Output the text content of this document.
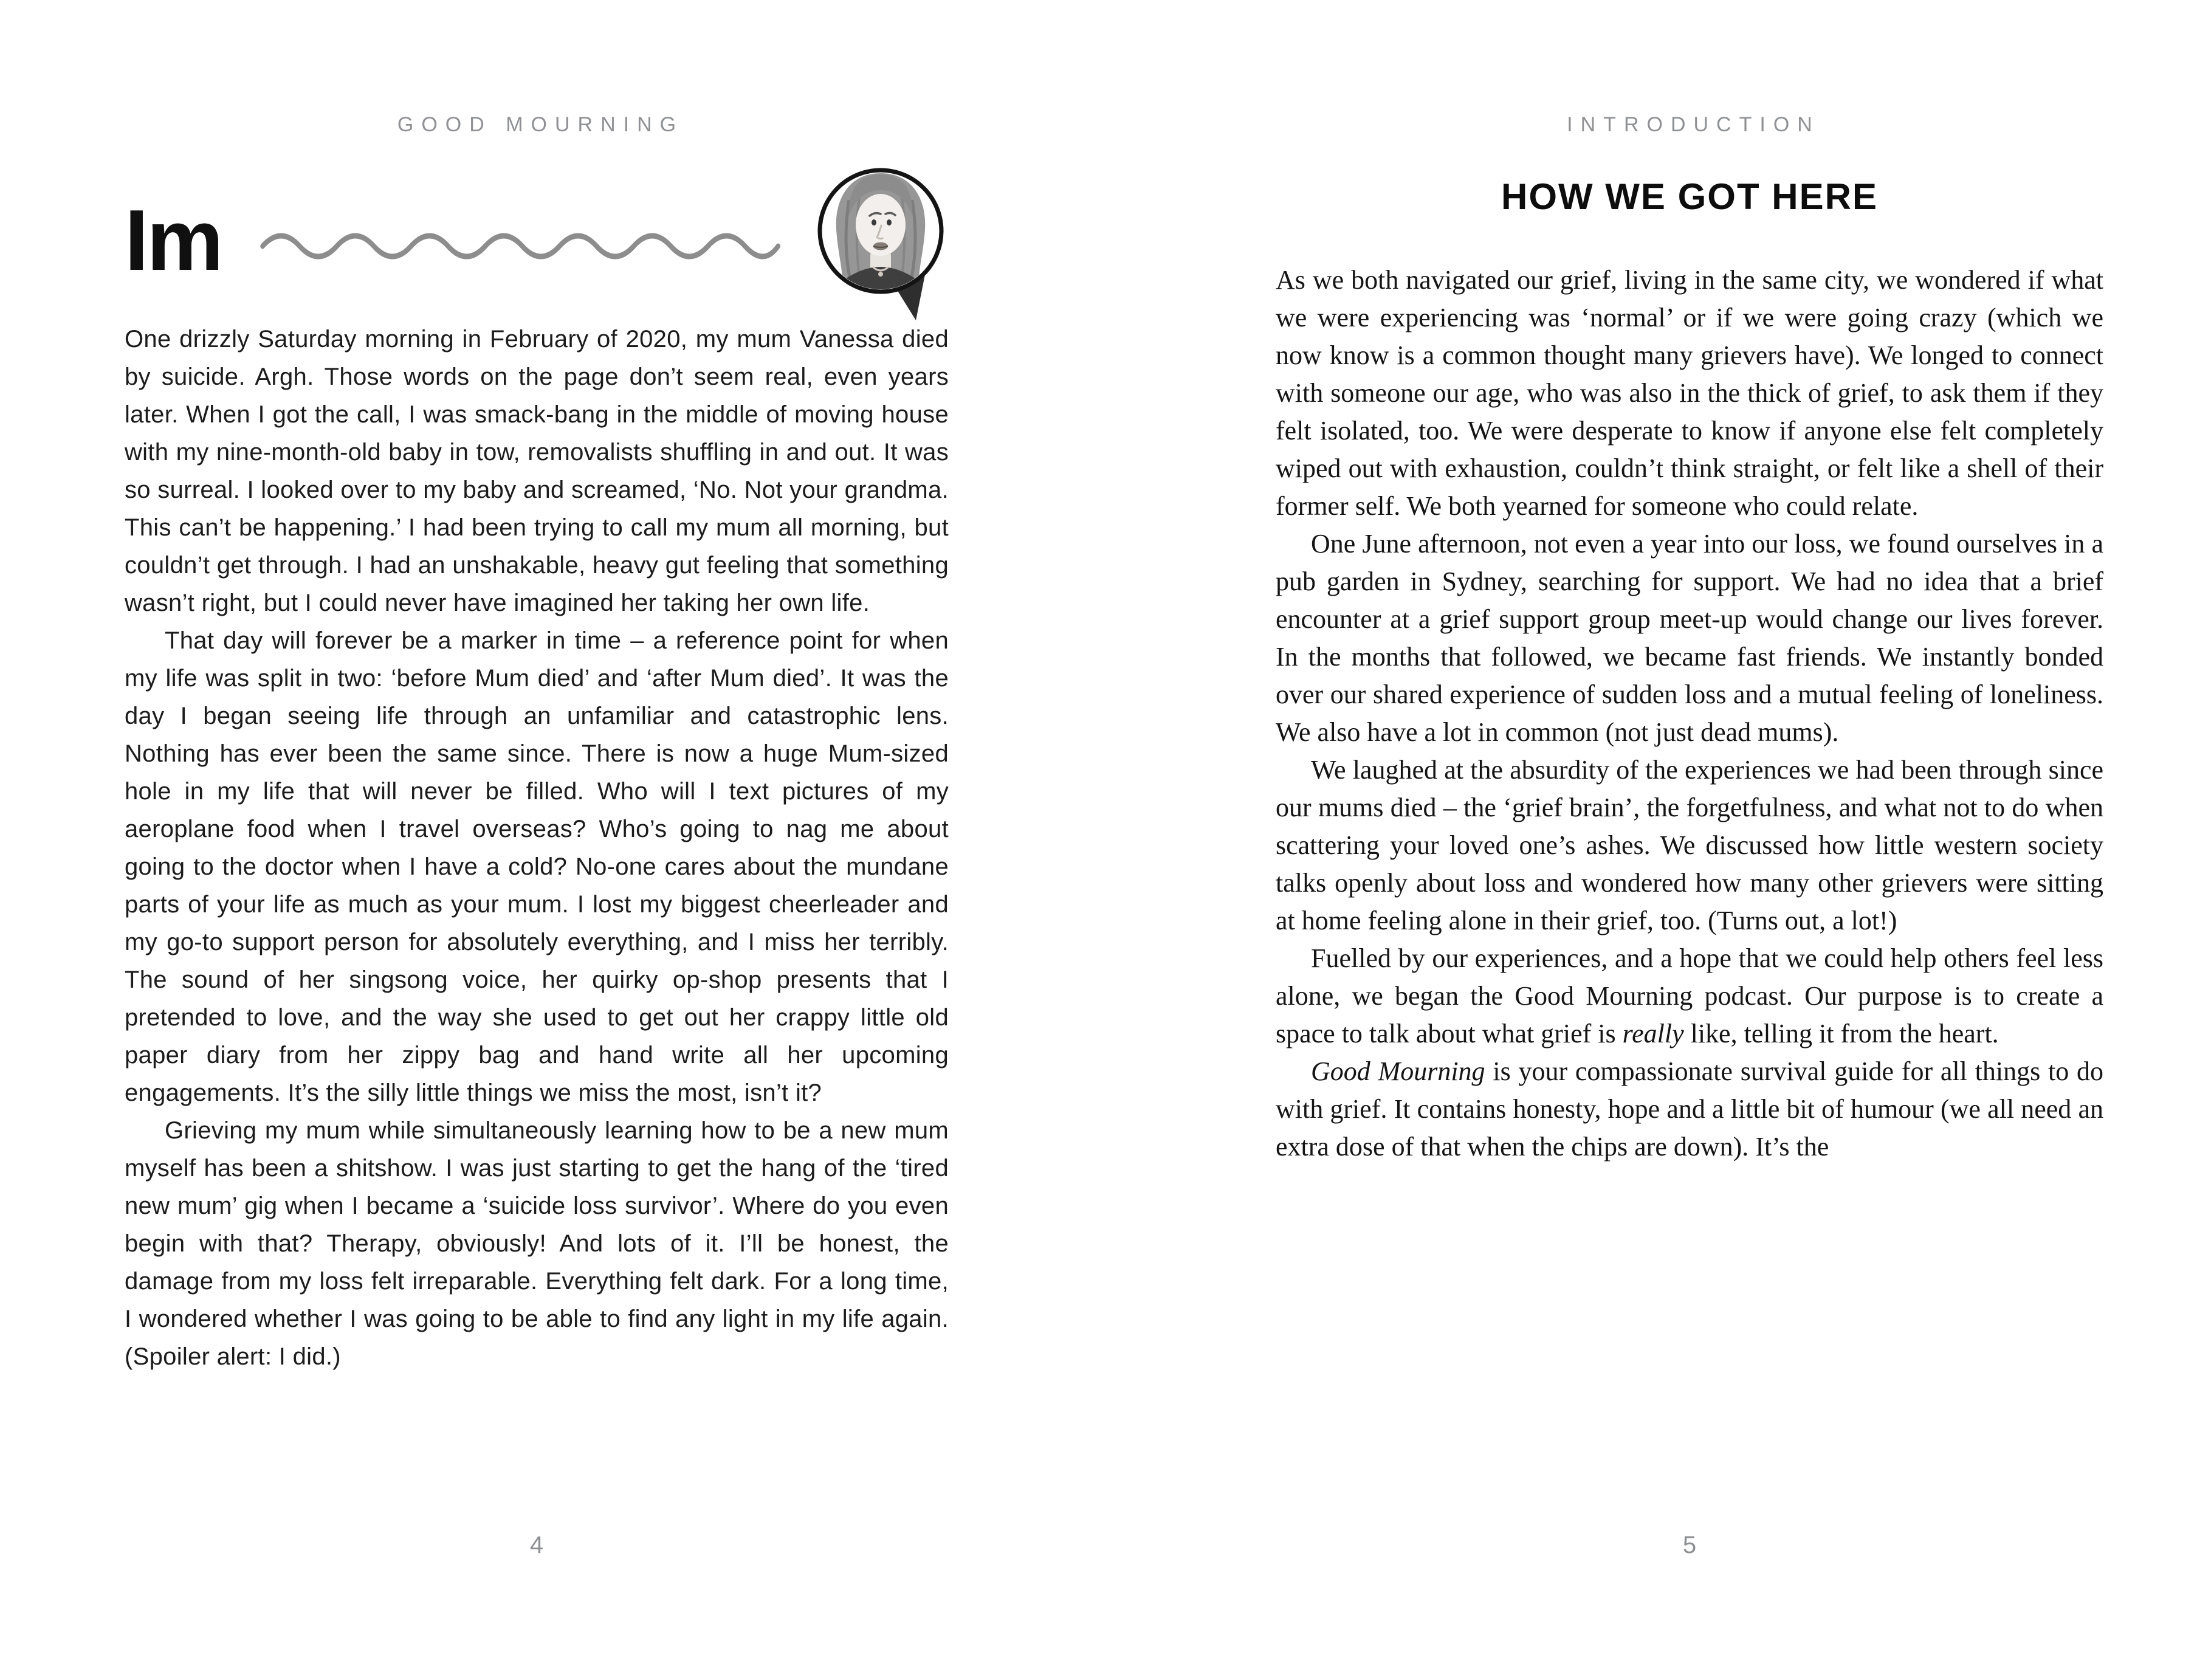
GOOD MOURNING
Im

One drizzly Saturday morning in February of 2020, my mum Vanessa died by suicide. Argh. Those words on the page don’t seem real, even years later. When I got the call, I was smack-bang in the middle of moving house with my nine-month-old baby in tow, removalists shuffling in and out. It was so surreal. I looked over to my baby and screamed, ‘No. Not your grandma. This can’t be happening.’ I had been trying to call my mum all morning, but couldn’t get through. I had an unshakable, heavy gut feeling that something wasn’t right, but I could never have imagined her taking her own life.

That day will forever be a marker in time – a reference point for when my life was split in two: ‘before Mum died’ and ‘after Mum died’. It was the day I began seeing life through an unfamiliar and catastrophic lens. Nothing has ever been the same since. There is now a huge Mum-sized hole in my life that will never be filled. Who will I text pictures of my aeroplane food when I travel overseas? Who’s going to nag me about going to the doctor when I have a cold? No-one cares about the mundane parts of your life as much as your mum. I lost my biggest cheerleader and my go-to support person for absolutely everything, and I miss her terribly. The sound of her singsong voice, her quirky op-shop presents that I pretended to love, and the way she used to get out her crappy little old paper diary from her zippy bag and hand write all her upcoming engagements. It’s the silly little things we miss the most, isn’t it?

Grieving my mum while simultaneously learning how to be a new mum myself has been a shitshow. I was just starting to get the hang of the ‘tired new mum’ gig when I became a ‘suicide loss survivor’. Where do you even begin with that? Therapy, obviously! And lots of it. I’ll be honest, the damage from my loss felt irreparable. Everything felt dark. For a long time, I wondered whether I was going to be able to find any light in my life again. (Spoiler alert: I did.)

4
INTRODUCTION
HOW WE GOT HERE

As we both navigated our grief, living in the same city, we wondered if what we were experiencing was ‘normal’ or if we were going crazy (which we now know is a common thought many grievers have). We longed to connect with someone our age, who was also in the thick of grief, to ask them if they felt isolated, too. We were desperate to know if anyone else felt completely wiped out with exhaustion, couldn’t think straight, or felt like a shell of their former self. We both yearned for someone who could relate.

One June afternoon, not even a year into our loss, we found ourselves in a pub garden in Sydney, searching for support. We had no idea that a brief encounter at a grief support group meet-up would change our lives forever. In the months that followed, we became fast friends. We instantly bonded over our shared experience of sudden loss and a mutual feeling of loneliness. We also have a lot in common (not just dead mums).

We laughed at the absurdity of the experiences we had been through since our mums died – the ‘grief brain’, the forgetfulness, and what not to do when scattering your loved one’s ashes. We discussed how little western society talks openly about loss and wondered how many other grievers were sitting at home feeling alone in their grief, too. (Turns out, a lot!)

Fuelled by our experiences, and a hope that we could help others feel less alone, we began the Good Mourning podcast. Our purpose is to create a space to talk about what grief is really like, telling it from the heart.

Good Mourning is your compassionate survival guide for all things to do with grief. It contains honesty, hope and a little bit of humour (we all need an extra dose of that when the chips are down). It’s the

5
